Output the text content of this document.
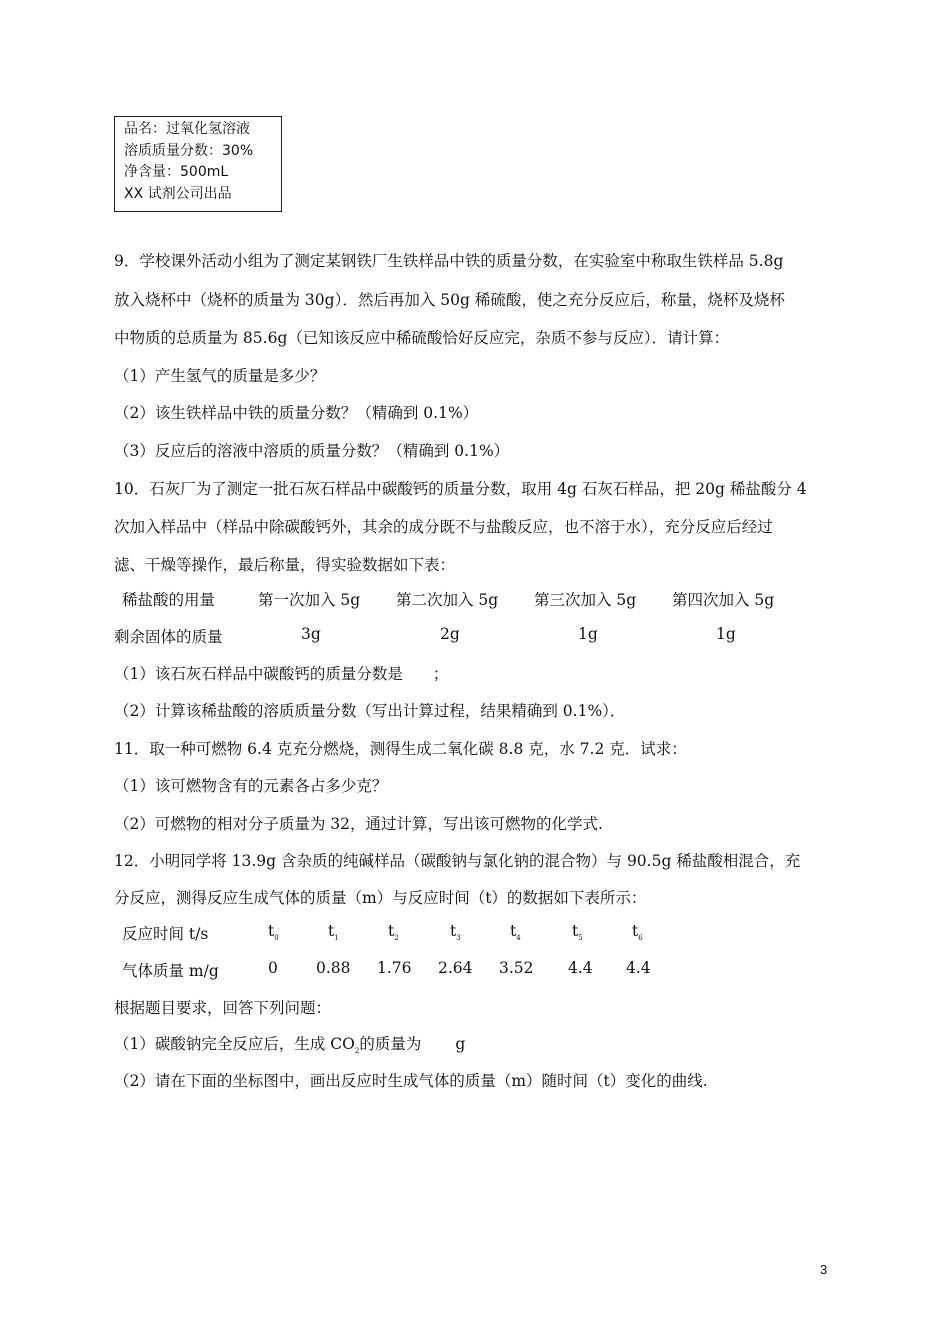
品名：过氧化氢溶液
溶质质量分数：30%
净含量：500mL
XX 试剂公司出品
9．学校课外活动小组为了测定某钢铁厂生铁样品中铁的质量分数，在实验室中称取生铁样品 5.8g
放入烧杯中（烧杯的质量为 30g）．然后再加入 50g 稀硫酸，使之充分反应后，称量，烧杯及烧杯
中物质的总质量为 85.6g（已知该反应中稀硫酸恰好反应完，杂质不参与反应）．请计算：
（1）产生氢气的质量是多少？
（2）该生铁样品中铁的质量分数？（精确到 0.1%）
（3）反应后的溶液中溶质的质量分数？（精确到 0.1%）
10．石灰厂为了测定一批石灰石样品中碳酸钙的质量分数，取用 4g 石灰石样品，把 20g 稀盐酸分 4
次加入样品中（样品中除碳酸钙外，其余的成分既不与盐酸反应，也不溶于水），充分反应后经过
滤、干燥等操作，最后称量，得实验数据如下表：
稀盐酸的用量	第一次加入 5g 第二次加入 5g 第三次加入 5g 第四次加入 5g
剩余固体的质量	3g	2g	1g	1g
（1）该石灰石样品中碳酸钙的质量分数是 ；
（2）计算该稀盐酸的溶质质量分数（写出计算过程，结果精确到 0.1%）．
11．取一种可燃物 6.4 克充分燃烧，测得生成二氧化碳 8.8 克，水 7.2 克．试求：
（1）该可燃物含有的元素各占多少克？
（2）可燃物的相对分子质量为 32，通过计算，写出该可燃物的化学式.
12．小明同学将 13.9g 含杂质的纯碱样品（碳酸钠与氯化钠的混合物）与 90.5g 稀盐酸相混合，充
分反应，测得反应生成气体的质量（m）与反应时间（t）的数据如下表所示：
反应时间 t/s	$t_0$	$t_1$	$t_2$	$t_3$	$t_4$	$t_5$	$t_6$
气体质量 m/g	0 0.88 1.76 2.64 3.52 4.4 4.4
根据题目要求，回答下列问题：
（1）碳酸钠完全反应后，生成 $CO_2$的质量为 g
（2）请在下面的坐标图中，画出反应时生成气体的质量（m）随时间（t）变化的曲线.
3
